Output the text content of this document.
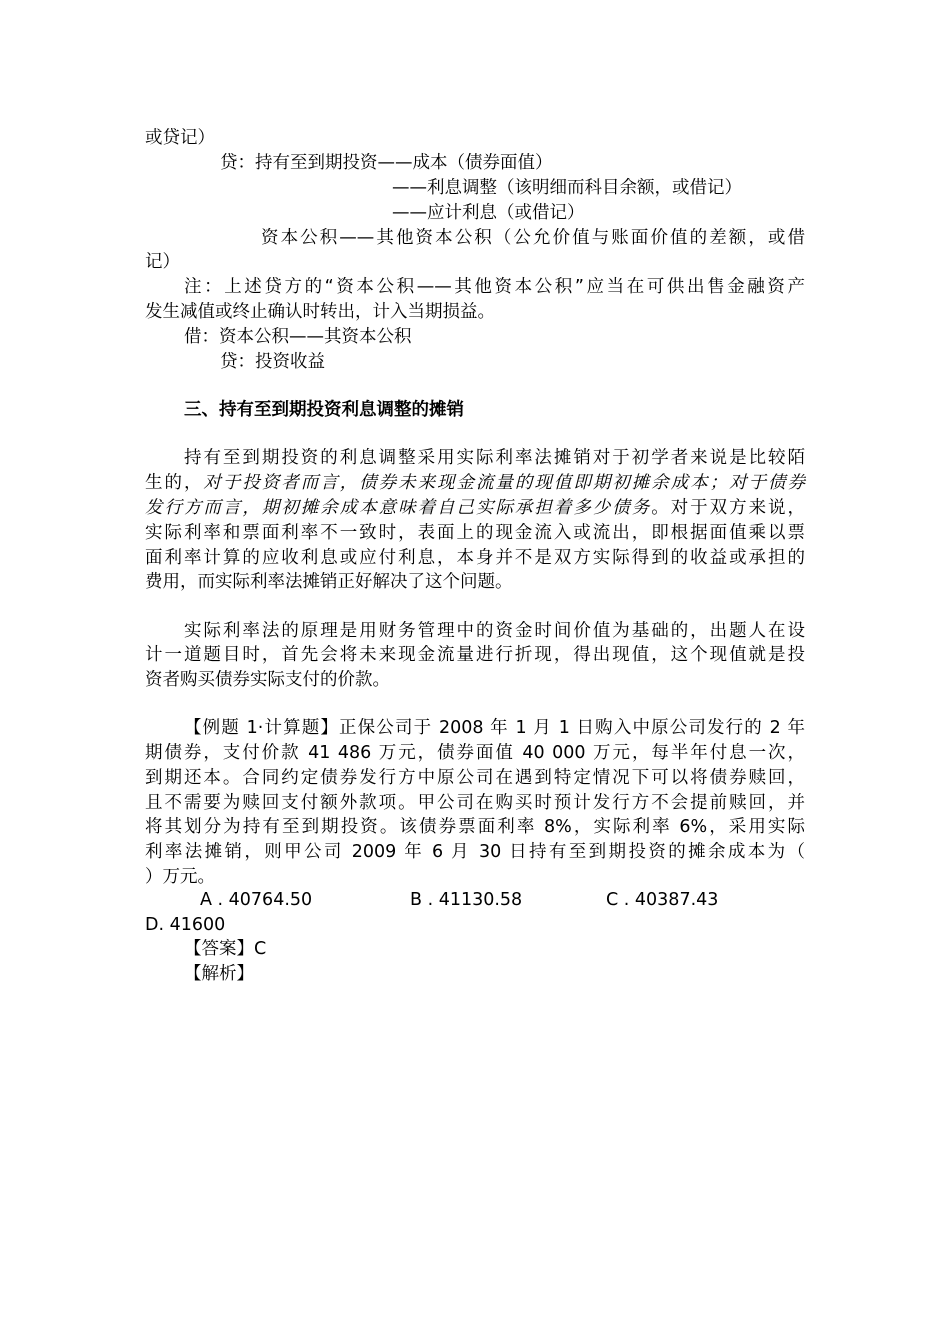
或贷记）

贷：持有至到期投资——成本（债券面值）

——利息调整（该明细而科目余额，或借记）

——应计利息（或借记）

资本公积——其他资本公积（公允价值与账面价值的差额，或借

记）

注：上述贷方的“资本公积——其他资本公积”应当在可供出售金融资产

发生减值或终止确认时转出，计入当期损益。

借：资本公积——其资本公积

贷：投资收益

三、持有至到期投资利息调整的摊销

持有至到期投资的利息调整采用实际利率法摊销对于初学者来说是比较陌

生的，对于投资者而言，债券未来现金流量的现值即期初摊余成本；对于债券

发行方而言，期初摊余成本意味着自己实际承担着多少债务。对于双方来说，

实际利率和票面利率不一致时，表面上的现金流入或流出，即根据面值乘以票

面利率计算的应收利息或应付利息，本身并不是双方实际得到的收益或承担的

费用，而实际利率法摊销正好解决了这个问题。

实际利率法的原理是用财务管理中的资金时间价值为基础的，出题人在设

计一道题目时，首先会将未来现金流量进行折现，得出现值，这个现值就是投

资者购买债券实际支付的价款。

【例题 1·计算题】正保公司于 2008 年 1 月 1 日购入中原公司发行的 2 年

期债券，支付价款 41 486 万元，债券面值 40 000 万元，每半年付息一次，

到期还本。合同约定债券发行方中原公司在遇到特定情况下可以将债券赎回，

且不需要为赎回支付额外款项。甲公司在购买时预计发行方不会提前赎回，并

将其划分为持有至到期投资。该债券票面利率 8%，实际利率 6%，采用实际

利率法摊销，则甲公司 2009 年 6 月 30 日持有至到期投资的摊余成本为（

）万元。

A . 40764.50	B . 41130.58	C . 40387.43

D. 41600

【答案】C

【解析】
